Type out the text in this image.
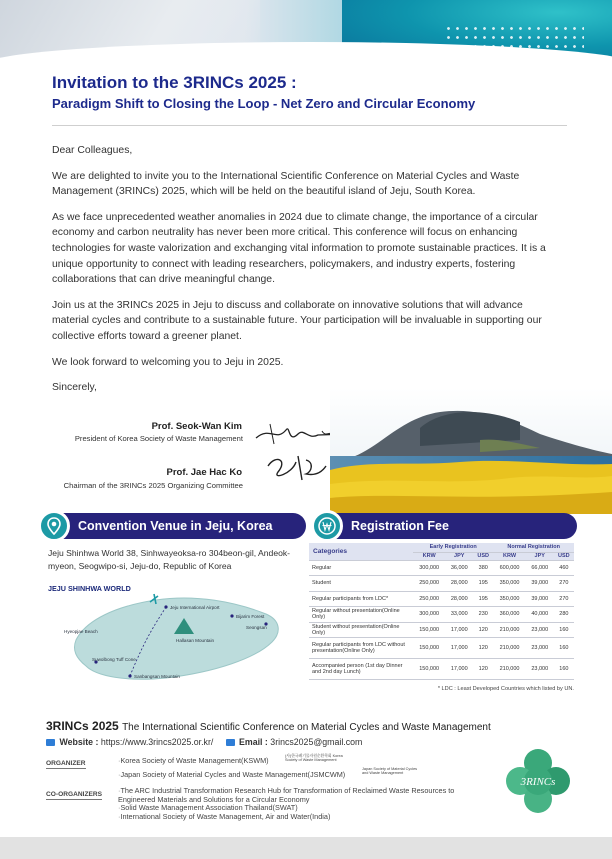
Invitation to the 3RINCs 2025 :
Paradigm Shift to Closing the Loop - Net Zero and Circular Economy

Dear Colleagues,

We are delighted to invite you to the International Scientific Conference on Material Cycles and Waste Management (3RINCs) 2025, which will be held on the beautiful island of Jeju, South Korea.

As we face unprecedented weather anomalies in 2024 due to climate change, the importance of a circular economy and carbon neutrality has never been more critical. This conference will focus on enhancing technologies for waste valorization and exchanging vital information to promote sustainable practices. It is a unique opportunity to connect with leading researchers, policymakers, and industry experts, fostering collaborations that can drive meaningful change.

Join us at the 3RINCs 2025 in Jeju to discuss and collaborate on innovative solutions that will advance material cycles and contribute to a sustainable future. Your participation will be invaluable in supporting our collective efforts toward a greener planet.

We look forward to welcoming you to Jeju in 2025.

Sincerely,

Prof. Seok-Wan Kim
President of Korea Society of Waste Management
Prof. Jae Hac Ko
Chairman of the 3RINCs 2025 Organizing Committee
Convention Venue in Jeju, Korea
Jeju Shinhwa World 38, Sinhwayeoksa-ro 304beon-gil, Andeok-myeon, Seogwipo-si, Jeju-do, Republic of Korea
JEJU SHINHWA WORLD
Jeju International Airport
Bijarim Forest
Hyeopjae Beach
Hallasan Mountain
Seongsan
Suwolbong Tuff Cone
Sanbangsan Mountain
Registration Fee
Categories	Early Registration			Normal Registration		
	KRW	JPY	USD	KRW	JPY	USD
Regular	300,000	36,000	380	600,000	66,000	460
Student	250,000	28,000	195	350,000	39,000	270
Regular participants from LDC*	250,000	28,000	195	350,000	39,000	270
Regular without presentation(Online Only)	300,000	33,000	230	360,000	40,000	280
Student without presentation(Online Only)	150,000	17,000	120	210,000	23,000	160
Regular participants from LDC without presentation(Online Only)	150,000	17,000	120	210,000	23,000	160
Accompanied person (1st day Dinner and 2nd day Lunch)	150,000	17,000	120	210,000	23,000	160
* LDC : Least Developed Countries which listed by UN.
3RINCs 2025 The International Scientific Conference on Material Cycles and Waste Management
Website : https://www.3rincs2025.or.kr/	Email : 3rincs2025@gmail.com
ORGANIZER	· Korea Society of Waste Management(KSWM)
· Japan Society of Material Cycles and Waste Management(JSMCWM)
(사)한국폐기물자원순환학회 Korea Society of Waste Management
Japan Society of Material Cycles and Waste Management
CO-ORGANIZERS	· The ARC Industrial Transformation Research Hub for Transformation of Reclaimed Waste Resources to Engineered Materials and Solutions for a Circular Economy
· Solid Waste Management Association Thailand(SWAT)
· International Society of Waste Management, Air and Water(India)
3RINCs
